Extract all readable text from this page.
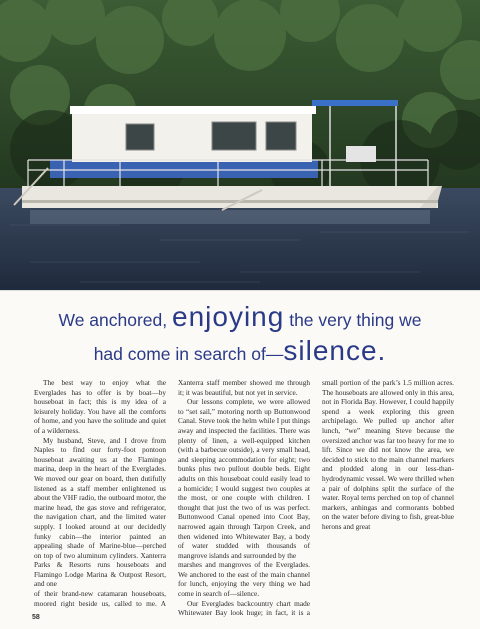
We anchored, enjoying the very thing we

had come in search of—silence.

The best way to enjoy what the Everglades has to offer is by boat—by houseboat in fact; this is my idea of a leisurely holiday. You have all the comforts of home, and you have the solitude and quiet of a wilderness.

My husband, Steve, and I drove from Naples to find our forty-foot pontoon houseboat awaiting us at the Flamingo marina, deep in the heart of the Everglades. We moved our gear on board, then dutifully listened as a staff member enlightened us about the VHF radio, the outboard motor, the marine head, the gas stove and refrigerator, the navigation chart, and the limited water supply. I looked around at our decidedly funky cabin—the interior painted an appealing shade of Marine-blue—perched on top of two aluminum cylinders. Xanterra Parks & Resorts runs houseboats and Flamingo Lodge Marina & Outpost Resort, and one

of their brand-new catamaran houseboats, moored right beside us, called to me. A Xanterra staff member showed me through it; it was beautiful, but not yet in service.

Our lessons complete, we were allowed to “set sail,” motoring north up Buttonwood Canal. Steve took the helm while I put things away and inspected the facilities. There was plenty of linen, a well-equipped kitchen (with a barbecue outside), a very small head, and sleeping accommodation for eight; two bunks plus two pullout double beds. Eight adults on this houseboat could easily lead to a homicide; I would suggest two couples at the most, or one couple with children. I thought that just the two of us was perfect. Buttonwood Canal opened into Coot Bay, narrowed again through Tarpon Creek, and then widened into Whitewater Bay, a body of water studded with thousands of mangrove islands and surrounded by the

marshes and mangroves of the Everglades. We anchored to the east of the main channel for lunch, enjoying the very thing we had come in search of—silence.

Our Everglades backcountry chart made Whitewater Bay look huge; in fact, it is a small portion of the park’s 1.5 million acres. The houseboats are allowed only in this area, not in Florida Bay. However, I could happily spend a week exploring this green archipelago. We pulled up anchor after lunch, “we” meaning Steve because the oversized anchor was far too heavy for me to lift. Since we did not know the area, we decided to stick to the main channel markers and plodded along in our less-than-hydrodynamic vessel. We were thrilled when a pair of dolphins split the surface of the water. Royal terns perched on top of channel markers, anhingas and cormorants bobbed on the water before diving to fish, great-blue herons and great

58
